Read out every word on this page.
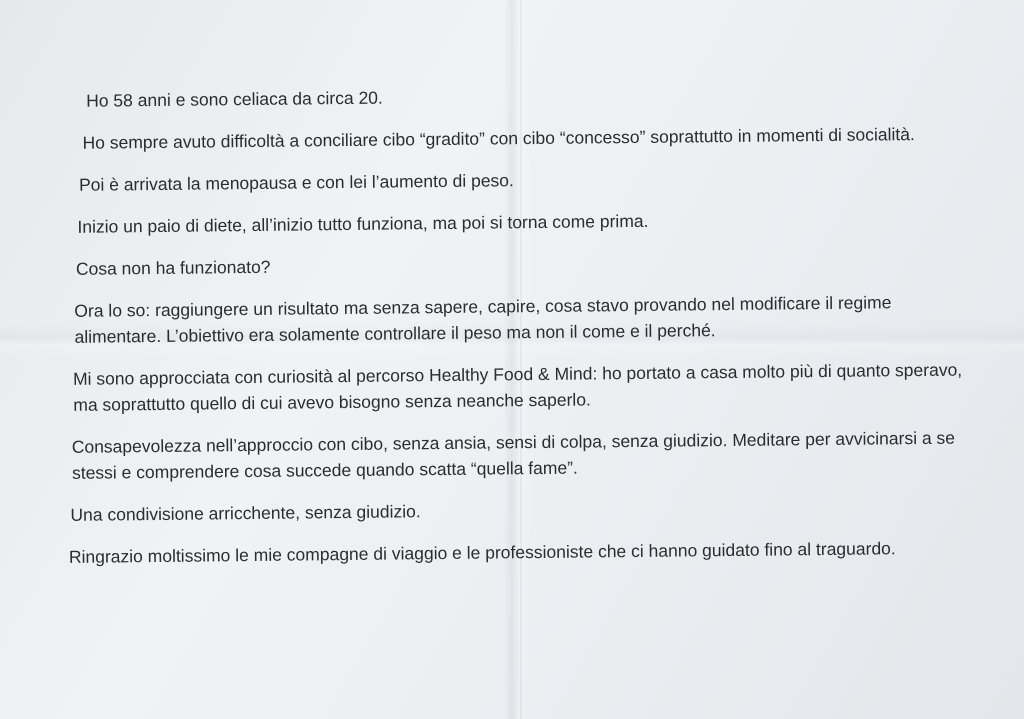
Ho 58 anni e sono celiaca da circa 20.

Ho sempre avuto difficoltà a conciliare cibo “gradito” con cibo “concesso” soprattutto in momenti di socialità.

Poi è arrivata la menopausa e con lei l’aumento di peso.

Inizio un paio di diete, all’inizio tutto funziona, ma poi si torna come prima.

Cosa non ha funzionato?

Ora lo so: raggiungere un risultato ma senza sapere, capire, cosa stavo provando nel modificare il regime alimentare. L’obiettivo era solamente controllare il peso ma non il come e il perché.

Mi sono approcciata con curiosità al percorso Healthy Food & Mind: ho portato a casa molto più di quanto speravo, ma soprattutto quello di cui avevo bisogno senza neanche saperlo.

Consapevolezza nell’approccio con cibo, senza ansia, sensi di colpa, senza giudizio. Meditare per avvicinarsi a se stessi e comprendere cosa succede quando scatta “quella fame”.

Una condivisione arricchente, senza giudizio.

Ringrazio moltissimo le mie compagne di viaggio e le professioniste che ci hanno guidato fino al traguardo.
